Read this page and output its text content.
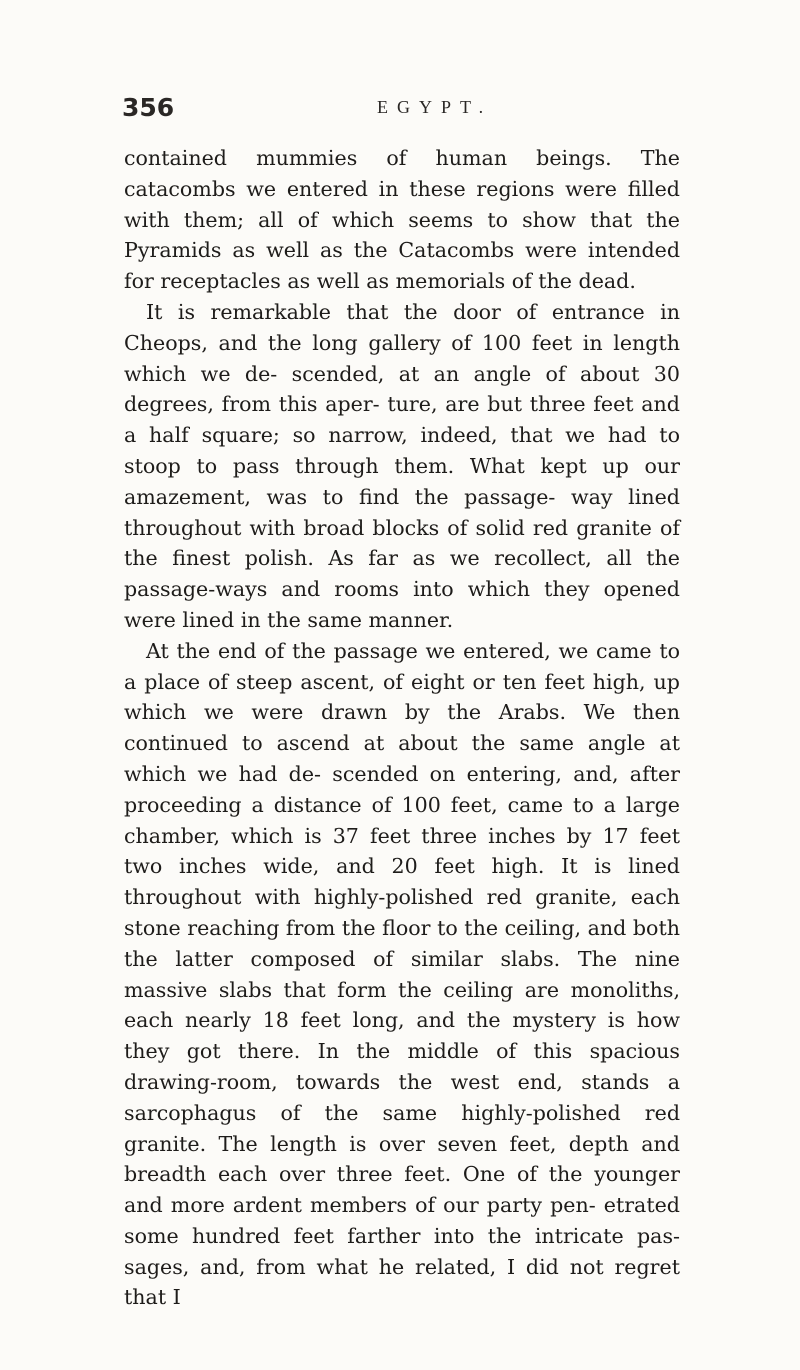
356	EGYPT.

contained mummies of human beings. The catacombs we entered in these regions were filled with them; all of which seems to show that the Pyramids as well as the Catacombs were intended for receptacles as well as memorials of the dead.

It is remarkable that the door of entrance in Cheops, and the long gallery of 100 feet in length which we de- scended, at an angle of about 30 degrees, from this aper- ture, are but three feet and a half square; so narrow, indeed, that we had to stoop to pass through them. What kept up our amazement, was to find the passage- way lined throughout with broad blocks of solid red granite of the finest polish. As far as we recollect, all the passage-ways and rooms into which they opened were lined in the same manner.

At the end of the passage we entered, we came to a place of steep ascent, of eight or ten feet high, up which we were drawn by the Arabs. We then continued to ascend at about the same angle at which we had de- scended on entering, and, after proceeding a distance of 100 feet, came to a large chamber, which is 37 feet three inches by 17 feet two inches wide, and 20 feet high. It is lined throughout with highly-polished red granite, each stone reaching from the floor to the ceiling, and both the latter composed of similar slabs. The nine massive slabs that form the ceiling are monoliths, each nearly 18 feet long, and the mystery is how they got there. In the middle of this spacious drawing-room, towards the west end, stands a sarcophagus of the same highly-polished red granite. The length is over seven feet, depth and breadth each over three feet. One of the younger and more ardent members of our party pen- etrated some hundred feet farther into the intricate pas- sages, and, from what he related, I did not regret that I
